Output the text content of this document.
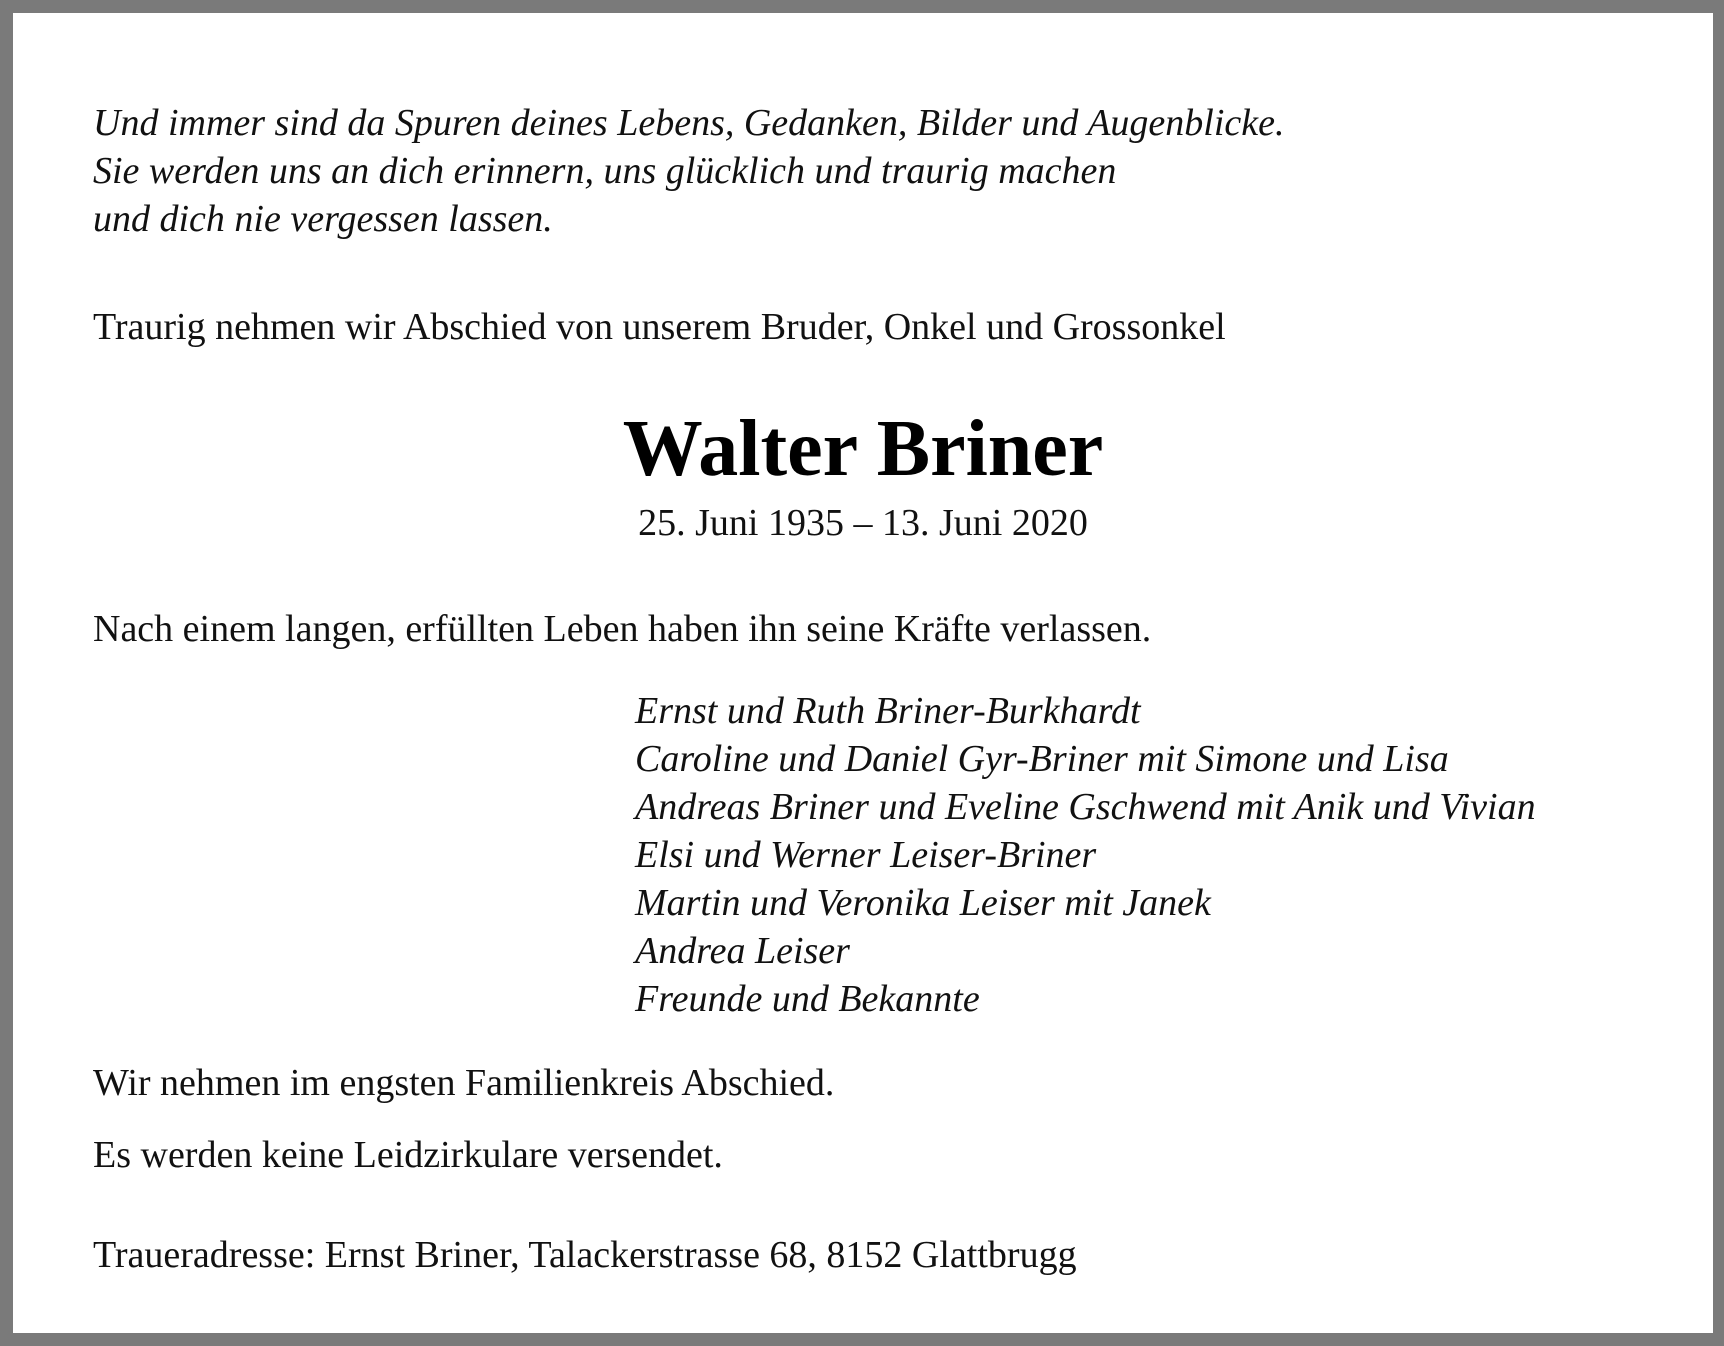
Und immer sind da Spuren deines Lebens, Gedanken, Bilder und Augenblicke.
Sie werden uns an dich erinnern, uns glücklich und traurig machen
und dich nie vergessen lassen.
Traurig nehmen wir Abschied von unserem Bruder, Onkel und Grossonkel
Walter Briner
25. Juni 1935 – 13. Juni 2020
Nach einem langen, erfüllten Leben haben ihn seine Kräfte verlassen.
Ernst und Ruth Briner-Burkhardt
Caroline und Daniel Gyr-Briner mit Simone und Lisa
Andreas Briner und Eveline Gschwend mit Anik und Vivian
Elsi und Werner Leiser-Briner
Martin und Veronika Leiser mit Janek
Andrea Leiser
Freunde und Bekannte
Wir nehmen im engsten Familienkreis Abschied.
Es werden keine Leidzirkulare versendet.
Traueradresse: Ernst Briner, Talackerstrasse 68, 8152 Glattbrugg
